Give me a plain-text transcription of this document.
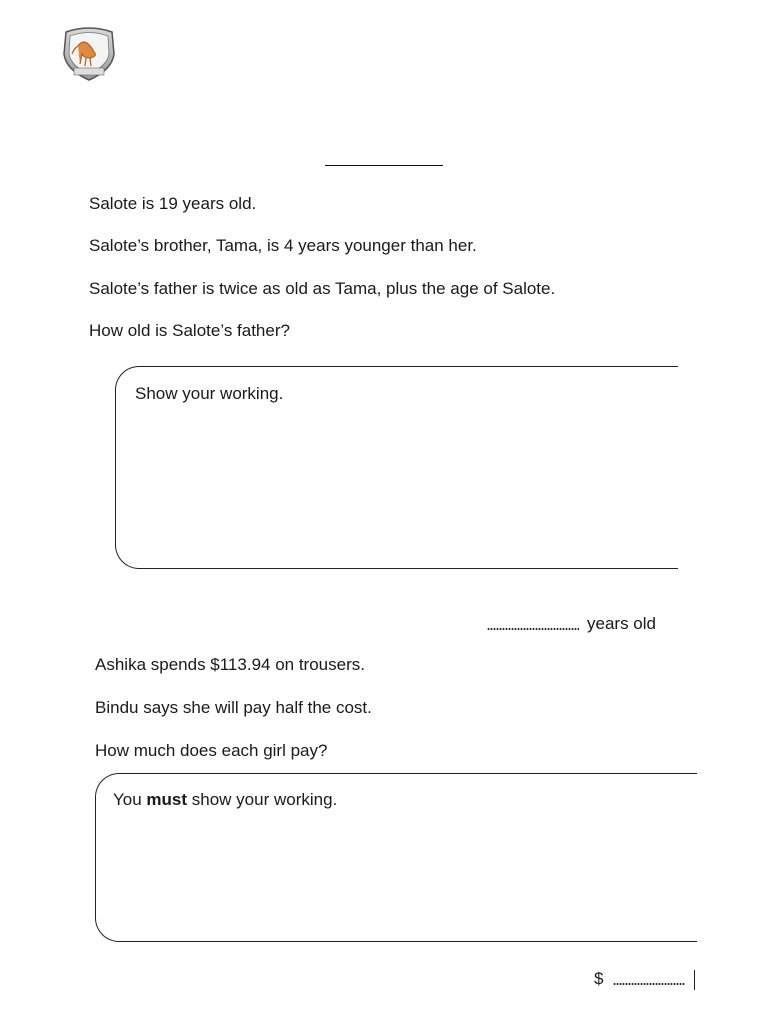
Salote is 19 years old.
Salote’s brother, Tama, is 4 years younger than her.
Salote’s father is twice as old as Tama, plus the age of Salote.
How old is Salote’s father?
Show your working.
years old
Ashika spends $113.94 on trousers.
Bindu says she will pay half the cost.
How much does each girl pay?
You must show your working.
$
